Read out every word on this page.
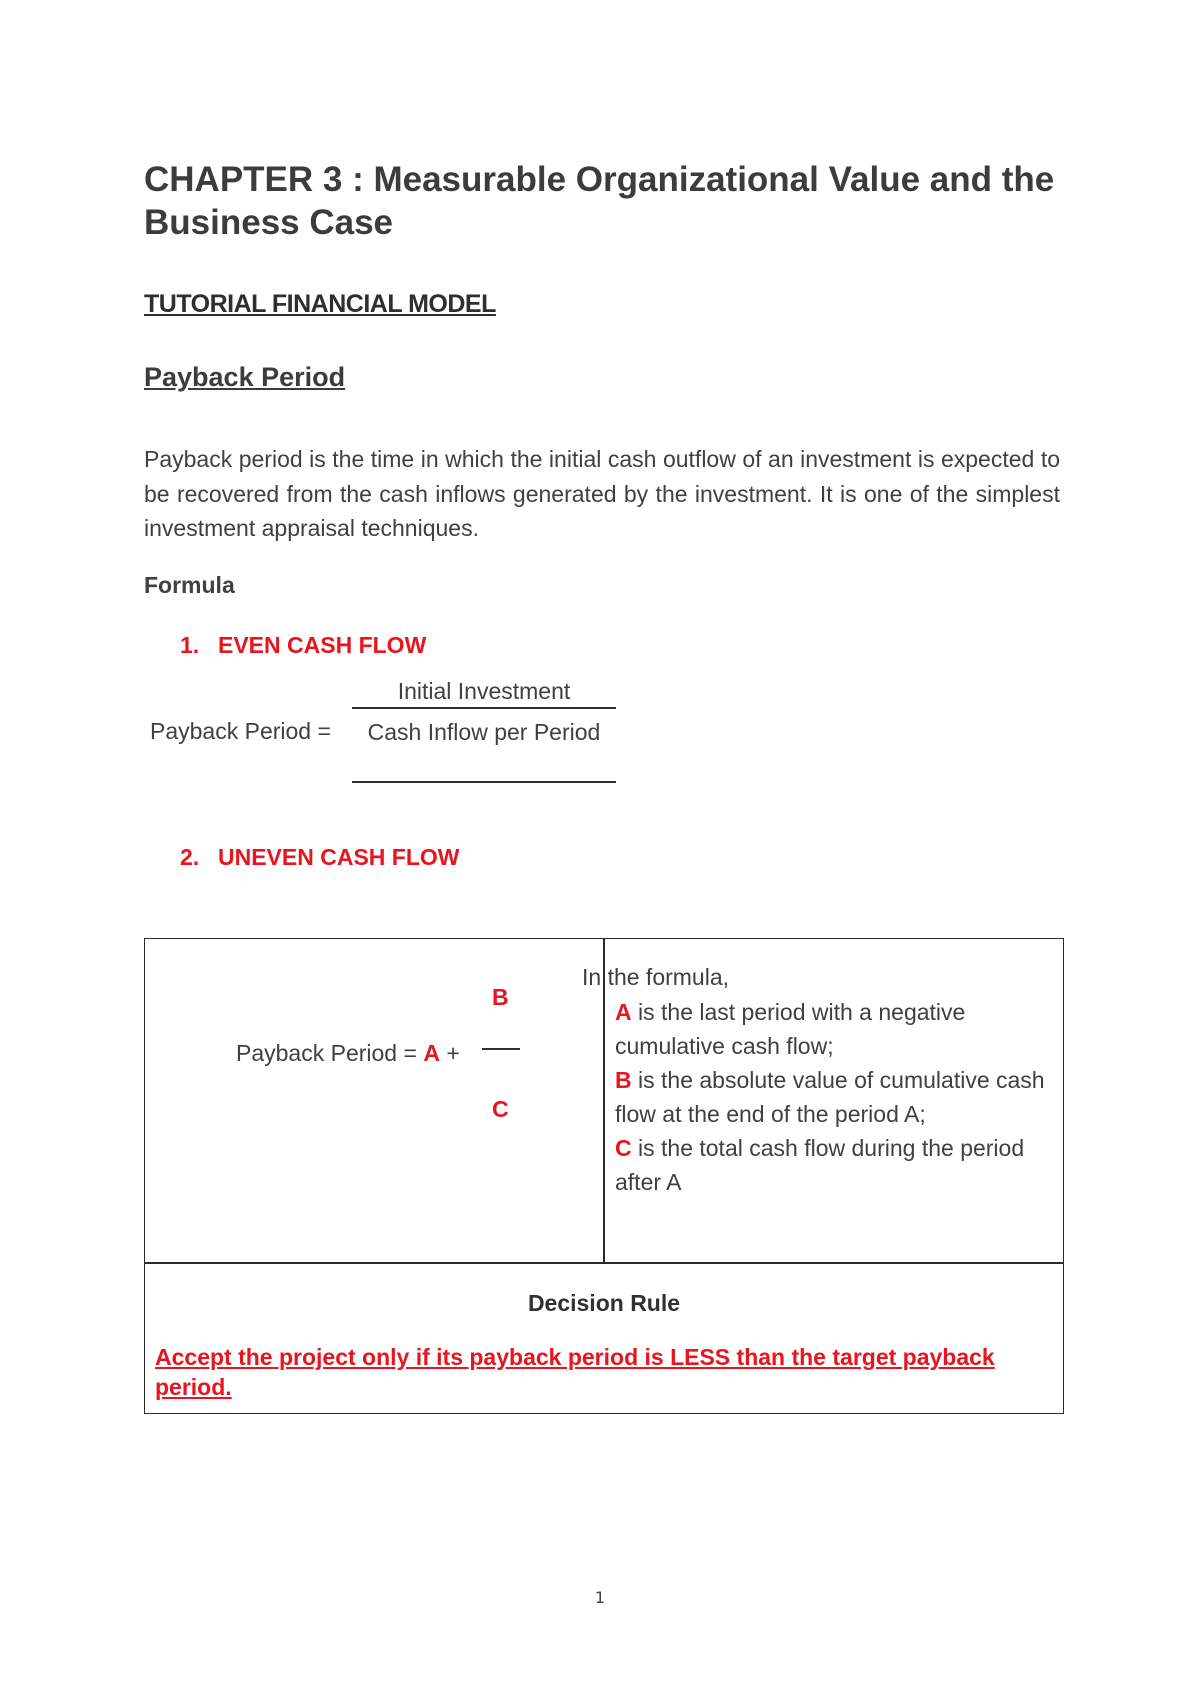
CHAPTER 3 : Measurable Organizational Value and the Business Case
TUTORIAL FINANCIAL MODEL
Payback Period
Payback period is the time in which the initial cash outflow of an investment is expected to be recovered from the cash inflows generated by the investment. It is one of the simplest investment appraisal techniques.
Formula
1. EVEN CASH FLOW
Payback Period =
Initial Investment
Cash Inflow per Period
2. UNEVEN CASH FLOW
B
C
Payback Period = A +
In the formula,
A is the last period with a negative cumulative cash flow;
B is the absolute value of cumulative cash flow at the end of the period A;
C is the total cash flow during the period after A
Decision Rule
Accept the project only if its payback period is LESS than the target payback period.
1
